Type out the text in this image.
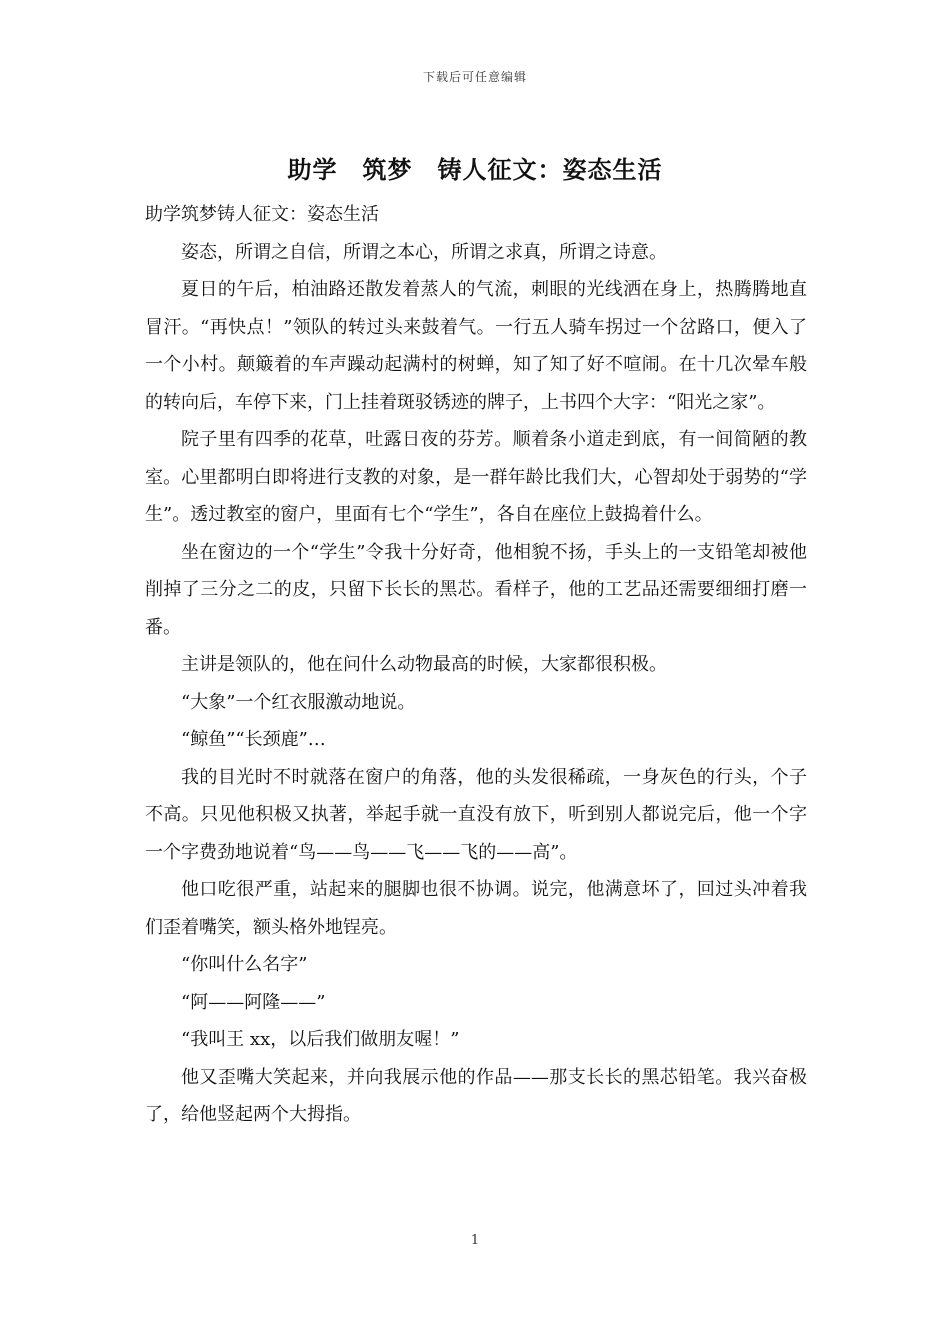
下载后可任意编辑
助学　筑梦　铸人征文：姿态生活

助学筑梦铸人征文：姿态生活

姿态，所谓之自信，所谓之本心，所谓之求真，所谓之诗意。

夏日的午后，柏油路还散发着蒸人的气流，刺眼的光线洒在身上，热腾腾地直冒汗。“再快点！”领队的转过头来鼓着气。一行五人骑车拐过一个岔路口，便入了一个小村。颠簸着的车声躁动起满村的树蝉，知了知了好不喧闹。在十几次晕车般的转向后，车停下来，门上挂着斑驳锈迹的牌子，上书四个大字：“阳光之家”。

院子里有四季的花草，吐露日夜的芬芳。顺着条小道走到底，有一间简陋的教室。心里都明白即将进行支教的对象，是一群年龄比我们大，心智却处于弱势的“学生”。透过教室的窗户，里面有七个“学生”，各自在座位上鼓捣着什么。

坐在窗边的一个“学生”令我十分好奇，他相貌不扬，手头上的一支铅笔却被他削掉了三分之二的皮，只留下长长的黑芯。看样子，他的工艺品还需要细细打磨一番。

主讲是领队的，他在问什么动物最高的时候，大家都很积极。

“大象”一个红衣服激动地说。

“鲸鱼”“长颈鹿”…

我的目光时不时就落在窗户的角落，他的头发很稀疏，一身灰色的行头，个子不高。只见他积极又执著，举起手就一直没有放下，听到别人都说完后，他一个字一个字费劲地说着“鸟——鸟——飞——飞的——高”。

他口吃很严重，站起来的腿脚也很不协调。说完，他满意坏了，回过头冲着我们歪着嘴笑，额头格外地锃亮。

“你叫什么名字”

“阿——阿隆——”

“我叫王 xx，以后我们做朋友喔！”

他又歪嘴大笑起来，并向我展示他的作品——那支长长的黑芯铅笔。我兴奋极了，给他竖起两个大拇指。

1
